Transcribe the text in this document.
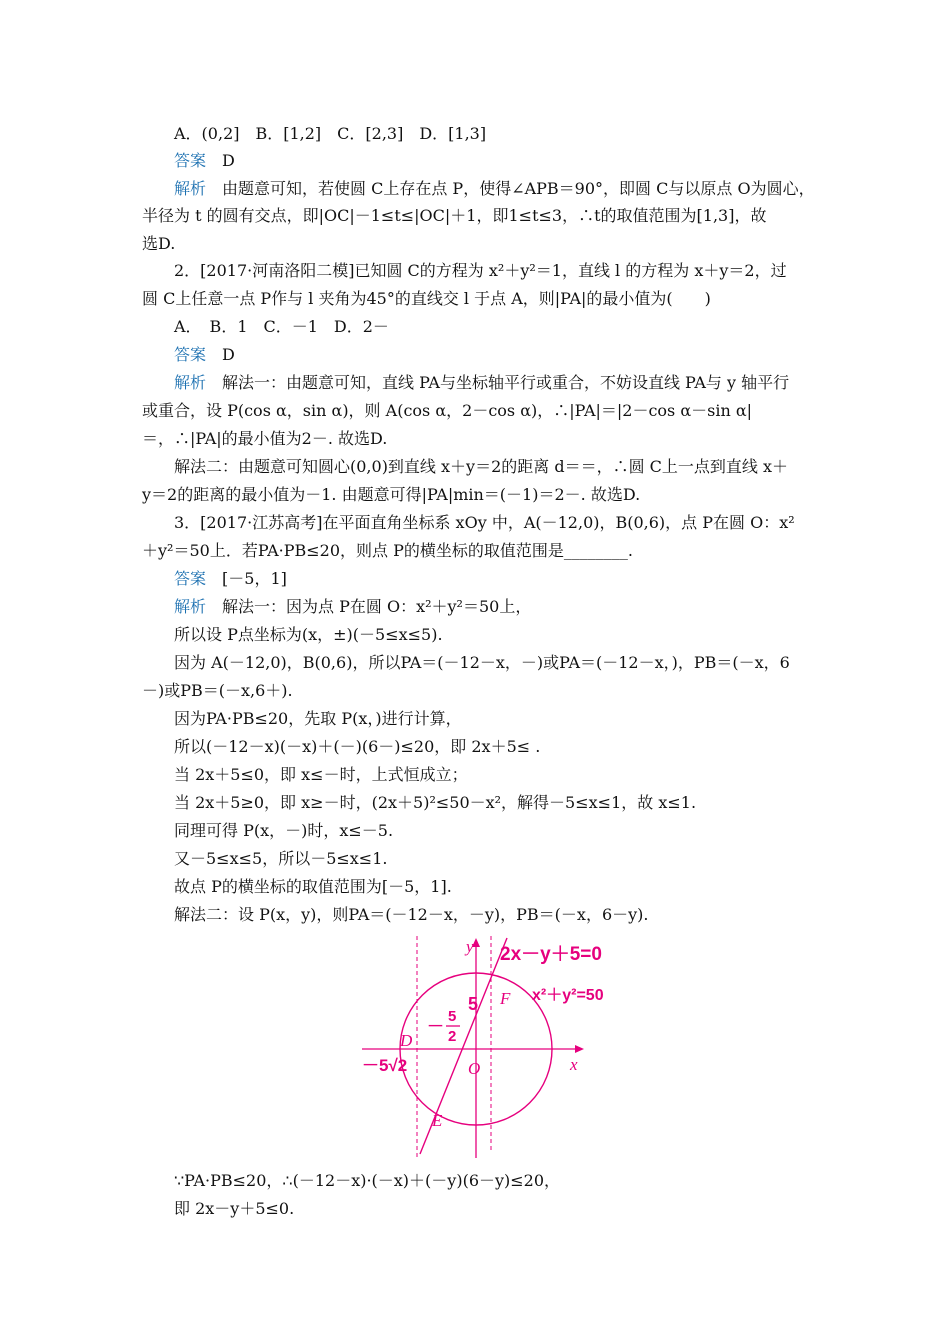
A．(0,2]　B．[1,2]　C．[2,3]　D．[1,3]
答案　D
解析　由题意可知，若使圆 C上存在点 P，使得∠APB＝90°，即圆 C与以原点 O为圆心，
半径为 t 的圆有交点，即|OC|－1≤t≤|OC|＋1，即1≤t≤3，∴t的取值范围为[1,3]，故
选D.
2．[2017·河南洛阳二模]已知圆 C的方程为 x²＋y²＝1，直线 l 的方程为 x＋y＝2，过
圆 C上任意一点 P作与 l 夹角为45°的直线交 l 于点 A，则|PA|的最小值为(　　)
A．　B．1　C．－1　D．2－
答案　D
解析　解法一：由题意可知，直线 PA与坐标轴平行或重合，不妨设直线 PA与 y 轴平行
或重合，设 P(cos α，sin α)，则 A(cos α，2－cos α)，∴|PA|＝|2－cos α－sin α|
＝，∴|PA|的最小值为2－. 故选D.
解法二：由题意可知圆心(0,0)到直线 x＋y＝2的距离 d＝＝，∴圆 C上一点到直线 x＋
y＝2的距离的最小值为－1. 由题意可得|PA|min＝(－1)＝2－. 故选D.
3．[2017·江苏高考]在平面直角坐标系 xOy 中，A(－12,0)，B(0,6)，点 P在圆 O：x²
＋y²＝50上．若PA·PB≤20，则点 P的横坐标的取值范围是________.
答案　[－5，1]
解析　解法一：因为点 P在圆 O：x²＋y²＝50上，
所以设 P点坐标为(x，±)(－5≤x≤5).
因为 A(－12,0)，B(0,6)，所以PA＝(－12－x，－)或PA＝(－12－x，)，PB＝(－x，6
－)或PB＝(－x,6＋).
因为PA·PB≤20，先取 P(x，)进行计算，
所以(－12－x)(－x)＋(－)(6－)≤20，即 2x＋5≤ .
当 2x＋5≤0，即 x≤－时，上式恒成立；
当 2x＋5≥0，即 x≥－时，(2x＋5)²≤50－x²，解得－5≤x≤1，故 x≤1.
同理可得 P(x，－)时，x≤－5.
又－5≤x≤5，所以－5≤x≤1.
故点 P的横坐标的取值范围为[－5，1].
解法二：设 P(x，y)，则PA＝(－12－x，－y)，PB＝(－x，6－y).
2x－y＋5=0
x²＋y²=50
y
x
O
D
E
F
5
－
5
2
－5√2
∵PA·PB≤20，∴(－12－x)·(－x)＋(－y)(6－y)≤20，
即 2x－y＋5≤0.
